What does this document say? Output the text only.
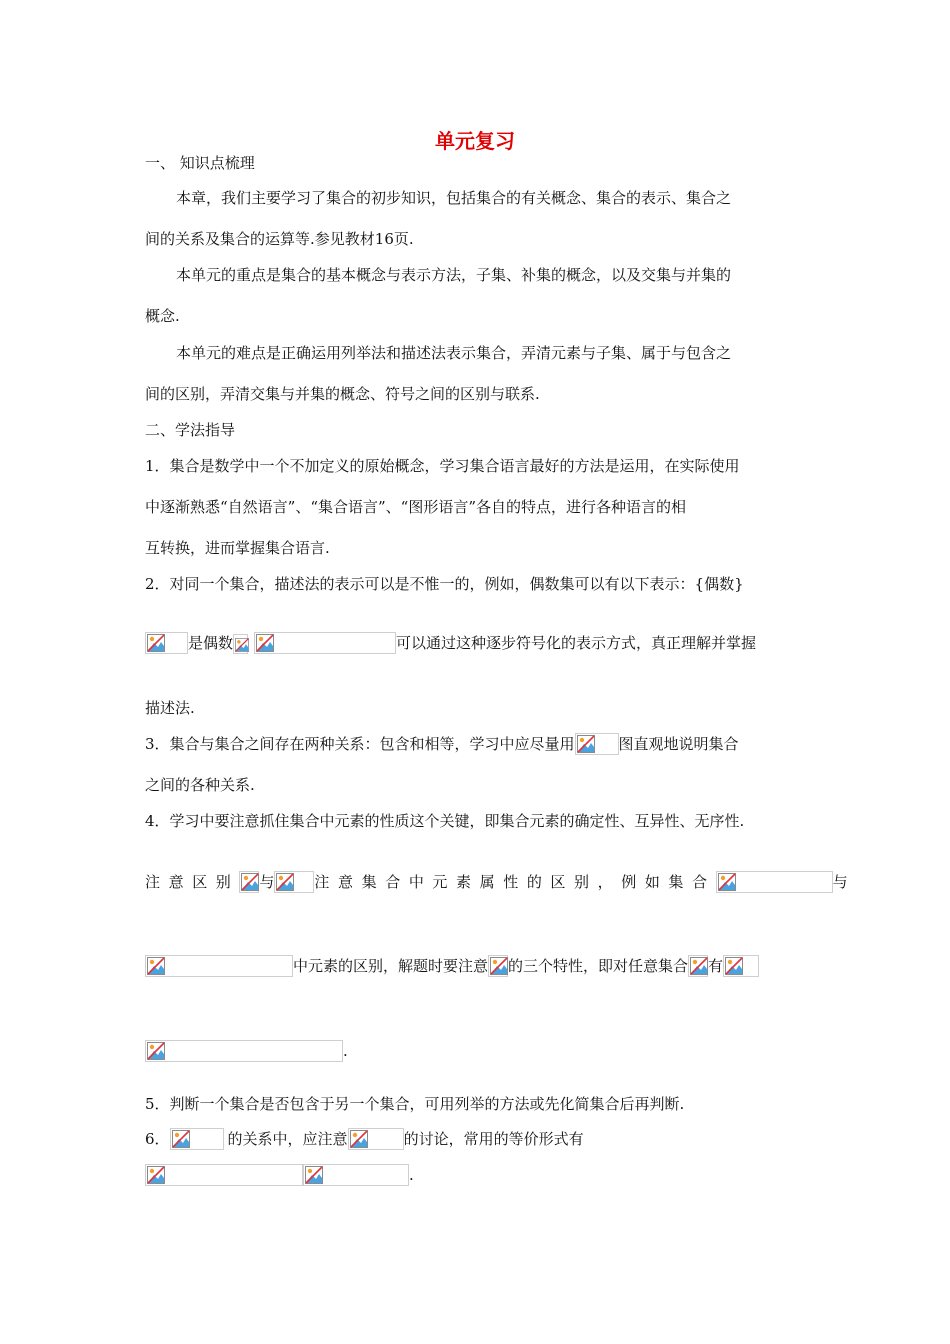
单元复习
一、 知识点梳理
本章，我们主要学习了集合的初步知识，包括集合的有关概念、集合的表示、集合之
间的关系及集合的运算等.参见教材16页.
本单元的重点是集合的基本概念与表示方法，子集、补集的概念，以及交集与并集的
概念.
本单元的难点是正确运用列举法和描述法表示集合，弄清元素与子集、属于与包含之
间的区别，弄清交集与并集的概念、符号之间的区别与联系.
二、学法指导
1．集合是数学中一个不加定义的原始概念，学习集合语言最好的方法是运用，在实际使用
中逐渐熟悉“自然语言”、“集合语言”、“图形语言”各自的特点，进行各种语言的相
互转换，进而掌握集合语言.
2．对同一个集合，描述法的表示可以是不惟一的，例如，偶数集可以有以下表示：{偶数}
是偶数	可以通过这种逐步符号化的表示方式，真正理解并掌握
描述法.
3．集合与集合之间存在两种关系：包含和相等，学习中应尽量用	图直观地说明集合
之间的各种关系.
4．学习中要注意抓住集合中元素的性质这个关键，即集合元素的确定性、互异性、无序性.
注意区别 与	注意集合中元素属性的区别，例如集合	与
中元素的区别，解题时要注意 的三个特性，即对任意集合 有
.
5．判断一个集合是否包含于另一个集合，可用列举的方法或先化简集合后再判断.
6．	的关系中，应注意	的讨论，常用的等价形式有
.
